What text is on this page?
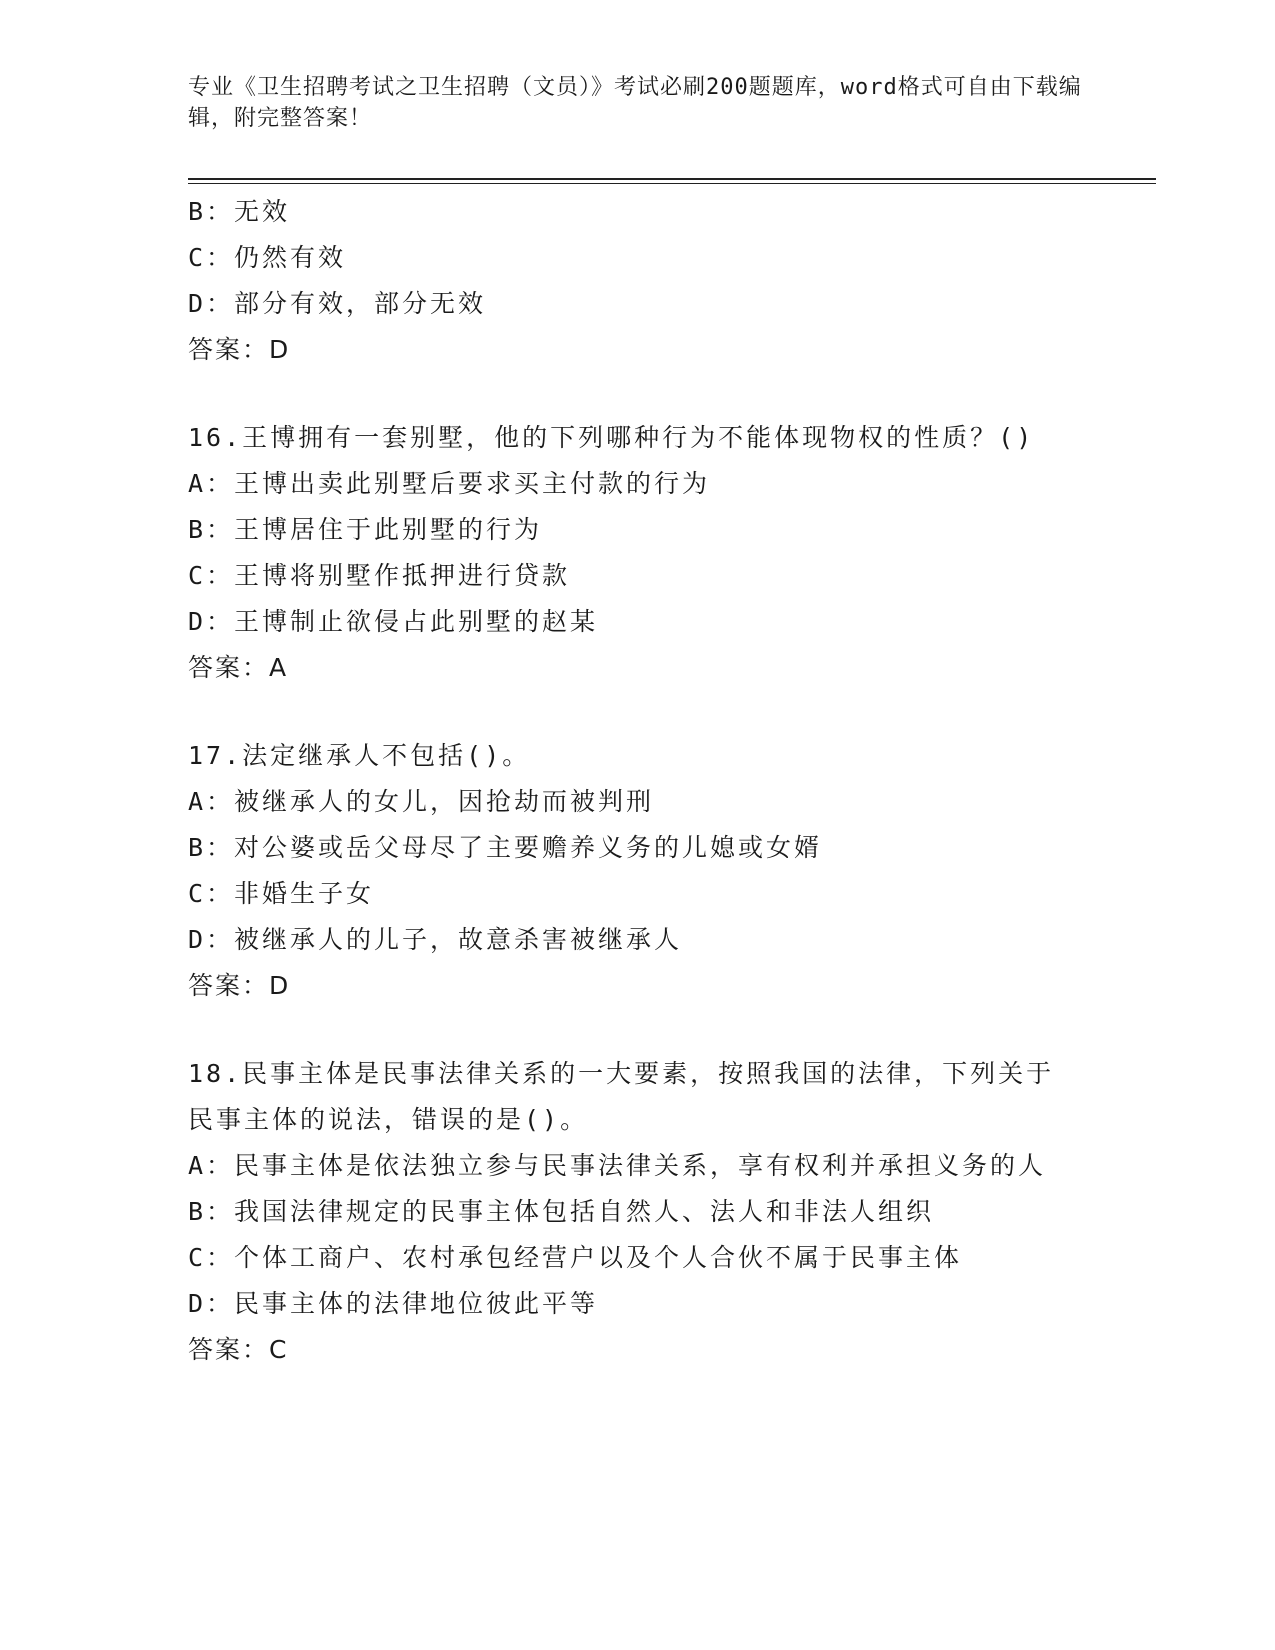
专业《卫生招聘考试之卫生招聘（文员）》考试必刷200题题库，word格式可自由下载编辑，附完整答案！
B：无效
C：仍然有效
D：部分有效，部分无效
答案：D
16.王博拥有一套别墅，他的下列哪种行为不能体现物权的性质？()
A：王博出卖此别墅后要求买主付款的行为
B：王博居住于此别墅的行为
C：王博将别墅作抵押进行贷款
D：王博制止欲侵占此别墅的赵某
答案：A
17.法定继承人不包括()。
A：被继承人的女儿，因抢劫而被判刑
B：对公婆或岳父母尽了主要赡养义务的儿媳或女婿
C：非婚生子女
D：被继承人的儿子，故意杀害被继承人
答案：D
18.民事主体是民事法律关系的一大要素，按照我国的法律，下列关于民事主体的说法，错误的是()。
A：民事主体是依法独立参与民事法律关系，享有权利并承担义务的人
B：我国法律规定的民事主体包括自然人、法人和非法人组织
C：个体工商户、农村承包经营户以及个人合伙不属于民事主体
D：民事主体的法律地位彼此平等
答案：C
